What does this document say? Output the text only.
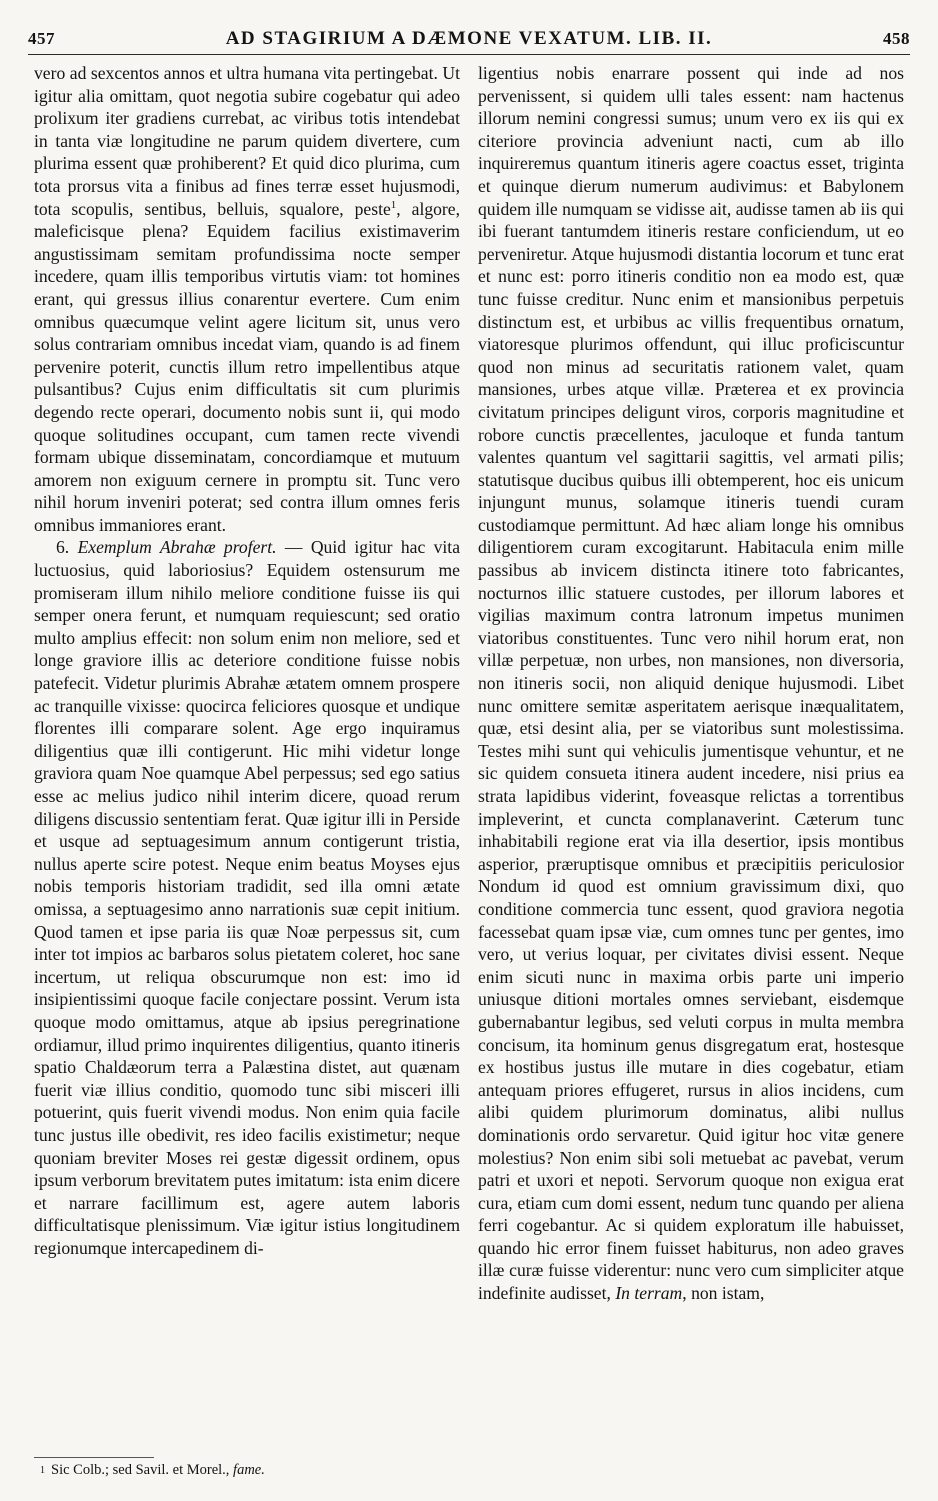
457	AD STAGIRIUM A DÆMONE VEXATUM. LIB. II.	458

vero ad sexcentos annos et ultra humana vita pertingebat. Ut igitur alia omittam, quot negotia subire cogebatur qui adeo prolixum iter gradiens currebat, ac viribus totis intendebat in tanta viæ longitudine ne parum quidem divertere, cum plurima essent quæ prohiberent? Et quid dico plurima, cum tota prorsus vita a finibus ad fines terræ esset hujusmodi, tota scopulis, sentibus, belluis, squalore, peste$^1$, algore, maleficisque plena? Equidem facilius existimaverim angustissimam semitam profundissima nocte semper incedere, quam illis temporibus virtutis viam: tot homines erant, qui gressus illius conarentur evertere. Cum enim omnibus quæcumque velint agere licitum sit, unus vero solus contrariam omnibus incedat viam, quando is ad finem pervenire poterit, cunctis illum retro impellentibus atque pulsantibus? Cujus enim difficultatis sit cum plurimis degendo recte operari, documento nobis sunt ii, qui modo quoque solitudines occupant, cum tamen recte vivendi formam ubique disseminatam, concordiamque et mutuum amorem non exiguum cernere in promptu sit. Tunc vero nihil horum inveniri poterat; sed contra illum omnes feris omnibus immaniores erant.

6. Exemplum Abrahæ profert. — Quid igitur hac vita luctuosius, quid laboriosius? Equidem ostensurum me promiseram illum nihilo meliore conditione fuisse iis qui semper onera ferunt, et numquam requiescunt; sed oratio multo amplius effecit: non solum enim non meliore, sed et longe graviore illis ac deteriore conditione fuisse nobis patefecit. Videtur plurimis Abrahæ ætatem omnem prospere ac tranquille vixisse: quocirca feliciores quosque et undique florentes illi comparare solent. Age ergo inquiramus diligentius quæ illi contigerunt. Hic mihi videtur longe graviora quam Noe quamque Abel perpessus; sed ego satius esse ac melius judico nihil interim dicere, quoad rerum diligens discussio sententiam ferat. Quæ igitur illi in Perside et usque ad septuagesimum annum contigerunt tristia, nullus aperte scire potest. Neque enim beatus Moyses ejus nobis temporis historiam tradidit, sed illa omni ætate omissa, a septuagesimo anno narrationis suæ cepit initium. Quod tamen et ipse paria iis quæ Noæ perpessus sit, cum inter tot impios ac barbaros solus pietatem coleret, hoc sane incertum, ut reliqua obscurumque non est: imo id insipientissimi quoque facile conjectare possint. Verum ista quoque modo omittamus, atque ab ipsius peregrinatione ordiamur, illud primo inquirentes diligentius, quanto itineris spatio Chaldæorum terra a Palæstina distet, aut quænam fuerit viæ illius conditio, quomodo tunc sibi misceri illi potuerint, quis fuerit vivendi modus. Non enim quia facile tunc justus ille obedivit, res ideo facilis existimetur; neque quoniam breviter Moses rei gestæ digessit ordinem, opus ipsum verborum brevitatem putes imitatum: ista enim dicere et narrare facillimum est, agere autem laboris difficultatisque plenissimum. Viæ igitur istius longitudinem regionumque intercapedinem di-

ligentius nobis enarrare possent qui inde ad nos pervenissent, si quidem ulli tales essent: nam hactenus illorum nemini congressi sumus; unum vero ex iis qui ex citeriore provincia adveniunt nacti, cum ab illo inquireremus quantum itineris agere coactus esset, triginta et quinque dierum numerum audivimus: et Babylonem quidem ille numquam se vidisse ait, audisse tamen ab iis qui ibi fuerant tantumdem itineris restare conficiendum, ut eo perveniretur. Atque hujusmodi distantia locorum et tunc erat et nunc est: porro itineris conditio non ea modo est, quæ tunc fuisse creditur. Nunc enim et mansionibus perpetuis distinctum est, et urbibus ac villis frequentibus ornatum, viatoresque plurimos offendunt, qui illuc proficiscuntur quod non minus ad securitatis rationem valet, quam mansiones, urbes atque villæ. Præterea et ex provincia civitatum principes deligunt viros, corporis magnitudine et robore cunctis præcellentes, jaculoque et funda tantum valentes quantum vel sagittarii sagittis, vel armati pilis; statutisque ducibus quibus illi obtemperent, hoc eis unicum injungunt munus, solamque itineris tuendi curam custodiamque permittunt. Ad hæc aliam longe his omnibus diligentiorem curam excogitarunt. Habitacula enim mille passibus ab invicem distincta itinere toto fabricantes, nocturnos illic statuere custodes, per illorum labores et vigilias maximum contra latronum impetus munimen viatoribus constituentes. Tunc vero nihil horum erat, non villæ perpetuæ, non urbes, non mansiones, non diversoria, non itineris socii, non aliquid denique hujusmodi. Libet nunc omittere semitæ asperitatem aerisque inæqualitatem, quæ, etsi desint alia, per se viatoribus sunt molestissima. Testes mihi sunt qui vehiculis jumentisque vehuntur, et ne sic quidem consueta itinera audent incedere, nisi prius ea strata lapidibus viderint, foveasque relictas a torrentibus impleverint, et cuncta complanaverint. Cæterum tunc inhabitabili regione erat via illa desertior, ipsis montibus asperior, præruptisque omnibus et præcipitiis periculosior Nondum id quod est omnium gravissimum dixi, quo conditione commercia tunc essent, quod graviora negotia facessebat quam ipsæ viæ, cum omnes tunc per gentes, imo vero, ut verius loquar, per civitates divisi essent. Neque enim sicuti nunc in maxima orbis parte uni imperio uniusque ditioni mortales omnes serviebant, eisdemque gubernabantur legibus, sed veluti corpus in multa membra concisum, ita hominum genus disgregatum erat, hostesque ex hostibus justus ille mutare in dies cogebatur, etiam antequam priores effugeret, rursus in alios incidens, cum alibi quidem plurimorum dominatus, alibi nullus dominationis ordo servaretur. Quid igitur hoc vitæ genere molestius? Non enim sibi soli metuebat ac pavebat, verum patri et uxori et nepoti. Servorum quoque non exigua erat cura, etiam cum domi essent, nedum tunc quando per aliena ferri cogebantur. Ac si quidem exploratum ille habuisset, quando hic error finem fuisset habiturus, non adeo graves illæ curæ fuisse viderentur: nunc vero cum simpliciter atque indefinite audisset, In terram, non istam,

$^1$ Sic Colb.; sed Savil. et Morel., fame.
